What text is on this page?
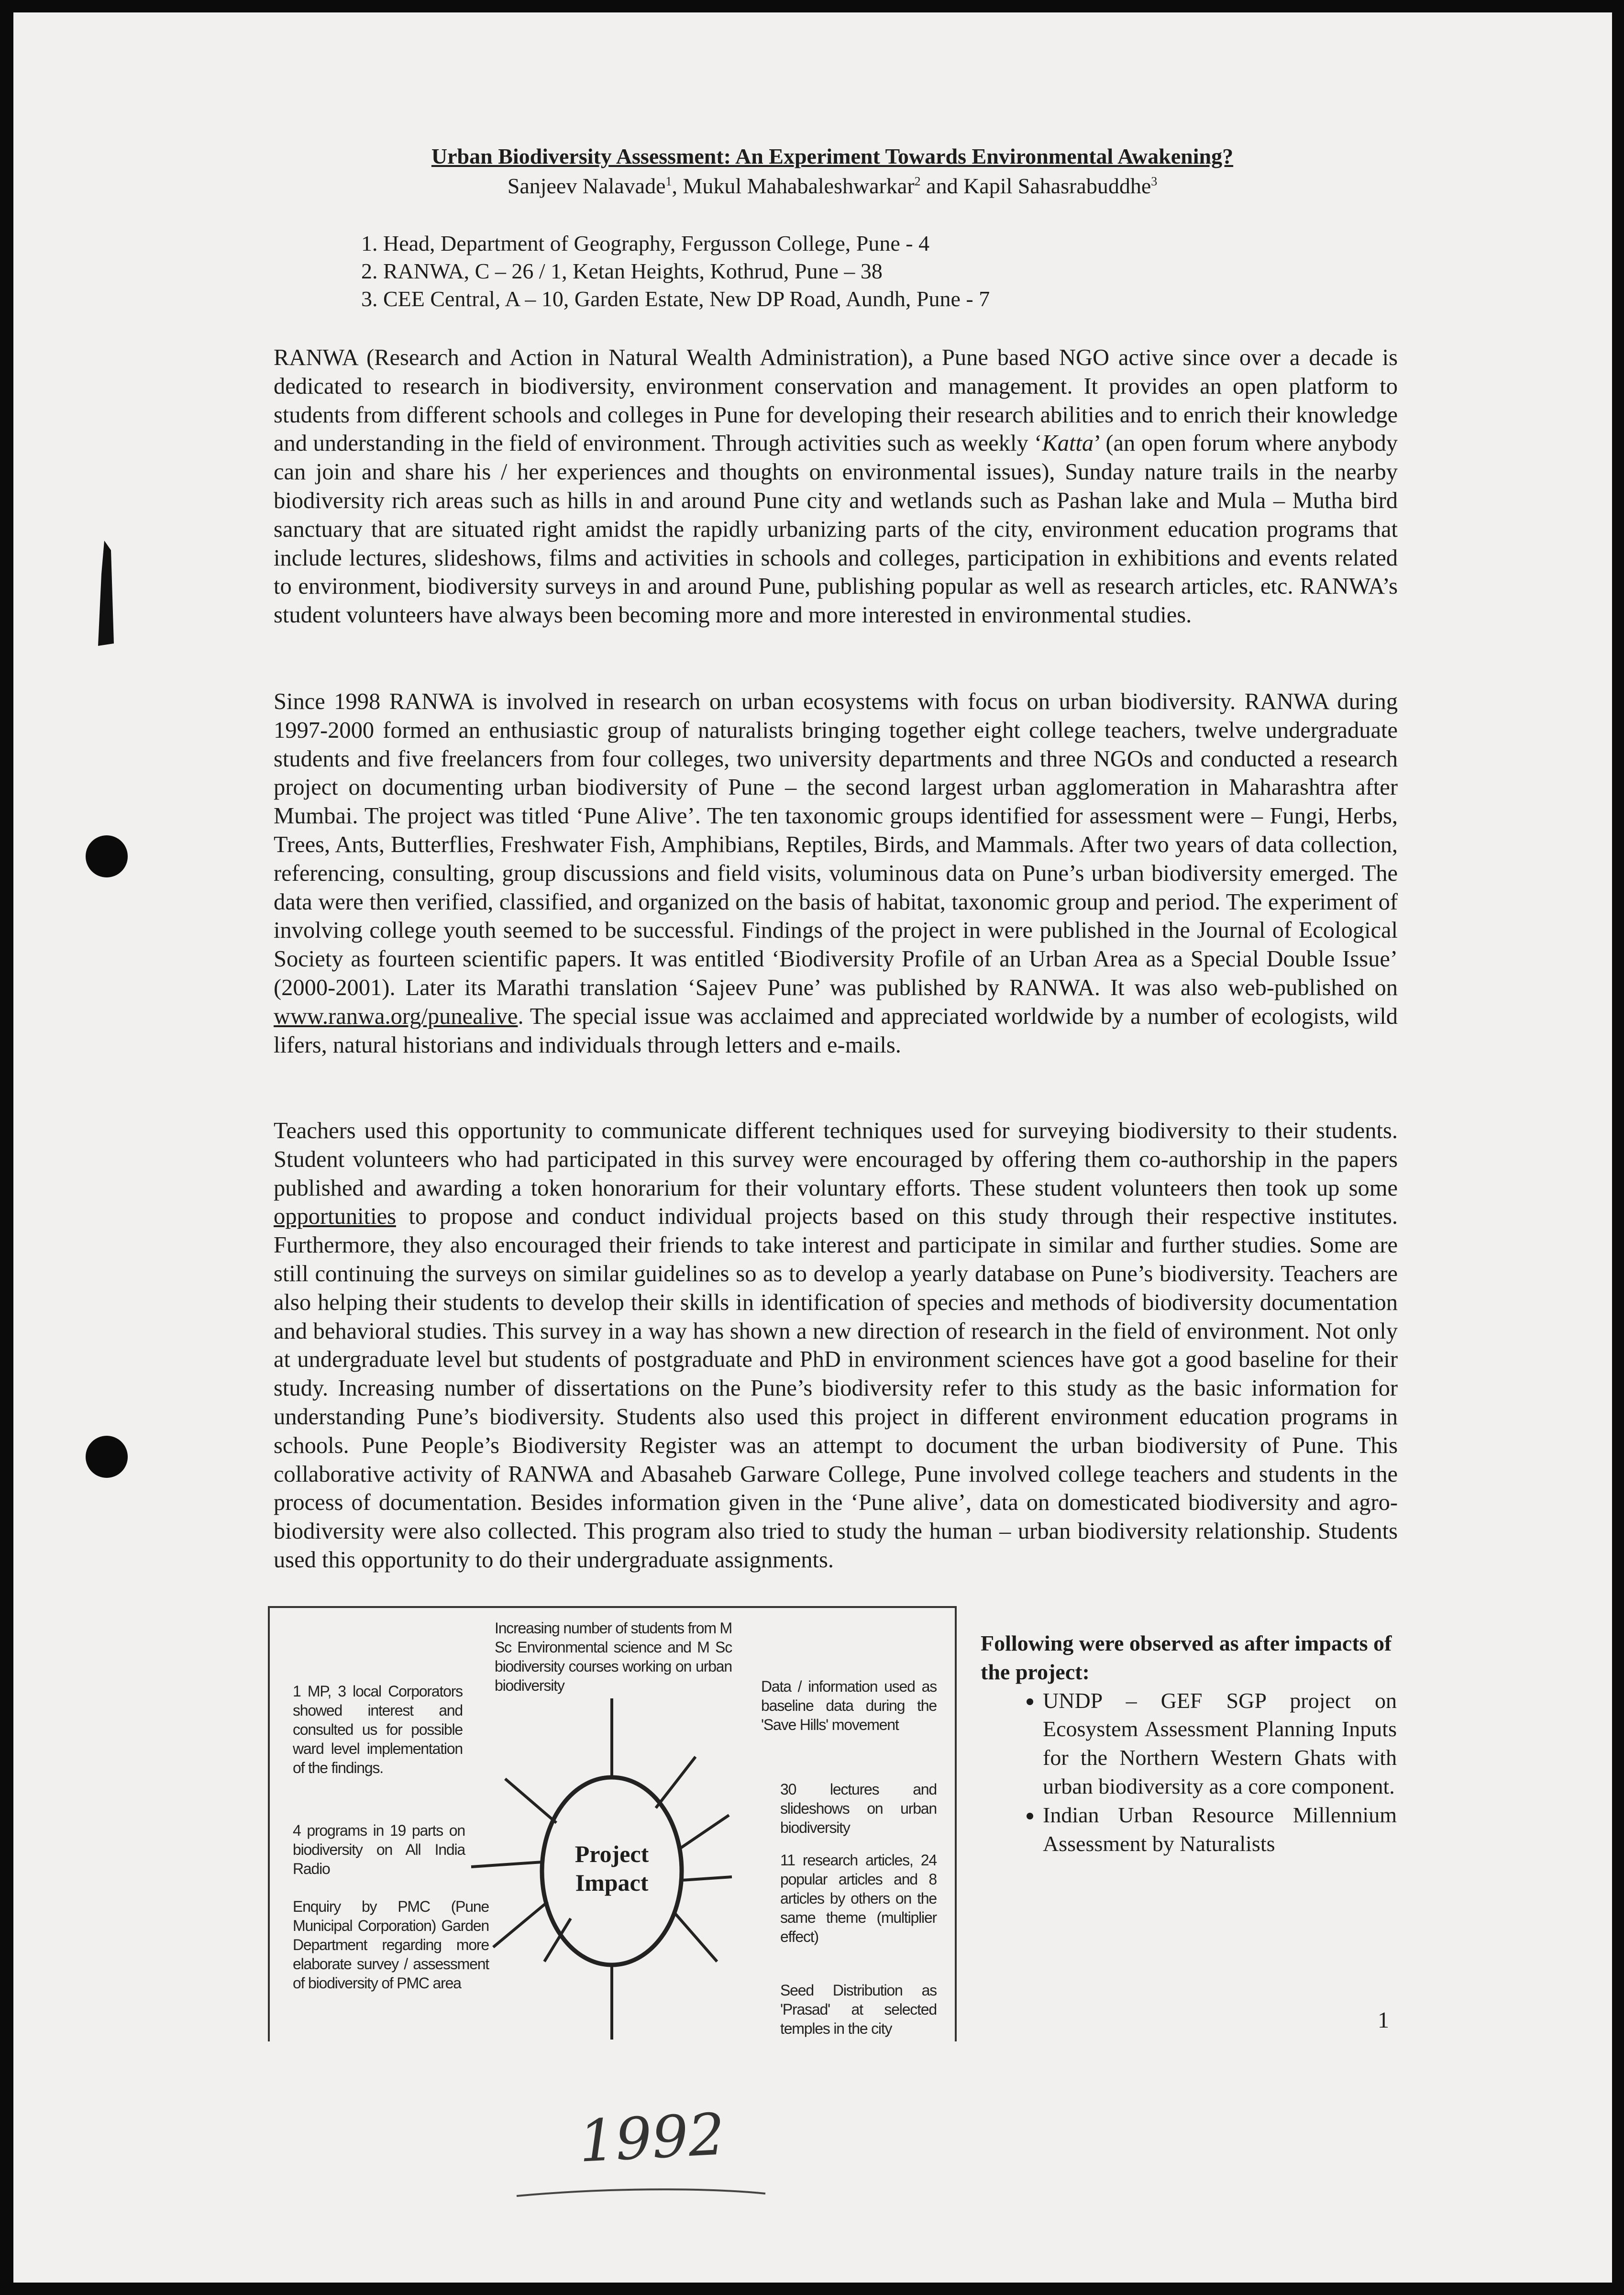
Urban Biodiversity Assessment: An Experiment Towards Environmental Awakening?
Sanjeev Nalavade$^1$, Mukul Mahabaleshwarkar$^2$ and Kapil Sahasrabuddhe$^3$
1. Head, Department of Geography, Fergusson College, Pune - 4
2. RANWA, C – 26 / 1, Ketan Heights, Kothrud, Pune – 38
3. CEE Central, A – 10, Garden Estate, New DP Road, Aundh, Pune - 7
RANWA (Research and Action in Natural Wealth Administration), a Pune based NGO active since over a decade is dedicated to research in biodiversity, environment conservation and management. It provides an open platform to students from different schools and colleges in Pune for developing their research abilities and to enrich their knowledge and understanding in the field of environment. Through activities such as weekly ‘Katta’ (an open forum where anybody can join and share his / her experiences and thoughts on environmental issues), Sunday nature trails in the nearby biodiversity rich areas such as hills in and around Pune city and wetlands such as Pashan lake and Mula – Mutha bird sanctuary that are situated right amidst the rapidly urbanizing parts of the city, environment education programs that include lectures, slideshows, films and activities in schools and colleges, participation in exhibitions and events related to environment, biodiversity surveys in and around Pune, publishing popular as well as research articles, etc. RANWA’s student volunteers have always been becoming more and more interested in environmental studies.
Since 1998 RANWA is involved in research on urban ecosystems with focus on urban biodiversity. RANWA during 1997-2000 formed an enthusiastic group of naturalists bringing together eight college teachers, twelve undergraduate students and five freelancers from four colleges, two university departments and three NGOs and conducted a research project on documenting urban biodiversity of Pune – the second largest urban agglomeration in Maharashtra after Mumbai. The project was titled ‘Pune Alive’. The ten taxonomic groups identified for assessment were – Fungi, Herbs, Trees, Ants, Butterflies, Freshwater Fish, Amphibians, Reptiles, Birds, and Mammals. After two years of data collection, referencing, consulting, group discussions and field visits, voluminous data on Pune’s urban biodiversity emerged. The data were then verified, classified, and organized on the basis of habitat, taxonomic group and period. The experiment of involving college youth seemed to be successful. Findings of the project in were published in the Journal of Ecological Society as fourteen scientific papers. It was entitled ‘Biodiversity Profile of an Urban Area as a Special Double Issue’ (2000-2001). Later its Marathi translation ‘Sajeev Pune’ was published by RANWA. It was also web-published on www.ranwa.org/punealive. The special issue was acclaimed and appreciated worldwide by a number of ecologists, wild lifers, natural historians and individuals through letters and e-mails.
Teachers used this opportunity to communicate different techniques used for surveying biodiversity to their students. Student volunteers who had participated in this survey were encouraged by offering them co-authorship in the papers published and awarding a token honorarium for their voluntary efforts. These student volunteers then took up some opportunities to propose and conduct individual projects based on this study through their respective institutes. Furthermore, they also encouraged their friends to take interest and participate in similar and further studies. Some are still continuing the surveys on similar guidelines so as to develop a yearly database on Pune’s biodiversity. Teachers are also helping their students to develop their skills in identification of species and methods of biodiversity documentation and behavioral studies. This survey in a way has shown a new direction of research in the field of environment. Not only at undergraduate level but students of postgraduate and PhD in environment sciences have got a good baseline for their study. Increasing number of dissertations on the Pune’s biodiversity refer to this study as the basic information for understanding Pune’s biodiversity. Students also used this project in different environment education programs in schools. Pune People’s Biodiversity Register was an attempt to document the urban biodiversity of Pune. This collaborative activity of RANWA and Abasaheb Garware College, Pune involved college teachers and students in the process of documentation. Besides information given in the ‘Pune alive’, data on domesticated biodiversity and agro-biodiversity were also collected. This program also tried to study the human – urban biodiversity relationship. Students used this opportunity to do their undergraduate assignments.
Increasing number of students from M Sc Environmental science and M Sc biodiversity courses working on urban biodiversity
1 MP, 3 local Corporators showed interest and consulted us for possible ward level implementation of the findings.
4 programs in 19 parts on biodiversity on All India Radio
Enquiry by PMC (Pune Municipal Corporation) Garden Department regarding more elaborate survey / assessment of biodiversity of PMC area
Data / information used as baseline data during the 'Save Hills' movement
30 lectures and slideshows on urban biodiversity
11 research articles, 24 popular articles and 8 articles by others on the same theme (multiplier effect)
Seed Distribution as 'Prasad' at selected temples in the city
Project
Impact
Following were observed as after impacts of the project:
• UNDP – GEF SGP project on Ecosystem Assessment Planning Inputs for the Northern Western Ghats with urban biodiversity as a core component.
• Indian Urban Resource Millennium Assessment by Naturalists
1
1992
